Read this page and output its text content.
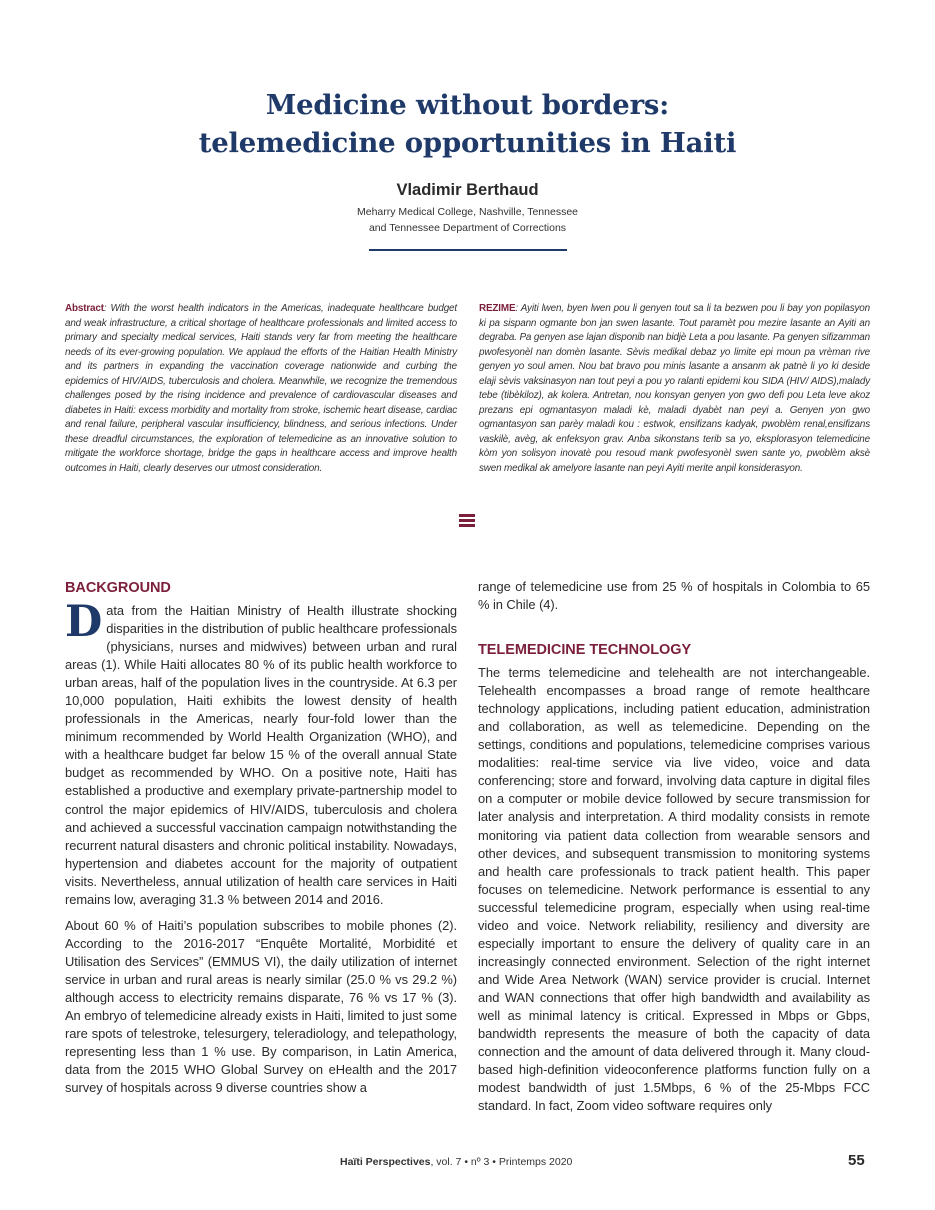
Medicine without borders:
telemedicine opportunities in Haiti
Vladimir Berthaud
Meharry Medical College, Nashville, Tennessee
and Tennessee Department of Corrections
Abstract: With the worst health indicators in the Americas, inadequate healthcare budget and weak infrastructure, a critical shortage of healthcare professionals and limited access to primary and specialty medical services, Haiti stands very far from meeting the healthcare needs of its ever-growing population. We applaud the efforts of the Haitian Health Ministry and its partners in expanding the vaccination coverage nationwide and curbing the epidemics of HIV/AIDS, tuberculosis and cholera. Meanwhile, we recognize the tremendous challenges posed by the rising incidence and prevalence of cardiovascular diseases and diabetes in Haiti: excess morbidity and mortality from stroke, ischemic heart disease, cardiac and renal failure, peripheral vascular insufficiency, blindness, and serious infections. Under these dreadful circumstances, the exploration of telemedicine as an innovative solution to mitigate the workforce shortage, bridge the gaps in healthcare access and improve health outcomes in Haiti, clearly deserves our utmost consideration.
REZIME: Ayiti lwen, byen lwen pou li genyen tout sa li ta bezwen pou li bay yon popilasyon ki pa sispann ogmante bon jan swen lasante. Tout paramèt pou mezire lasante an Ayiti an degraba. Pa genyen ase lajan disponib nan bidjè Leta a pou lasante. Pa genyen sifizamman pwofesyonèl nan domèn lasante. Sèvis medikal debaz yo limite epi moun pa vrèman rive genyen yo soul amen. Nou bat bravo pou minis lasante a ansanm ak patnè li yo ki deside elaji sèvis vaksinasyon nan tout peyi a pou yo ralanti epidemi kou SIDA (HIV/ AIDS),malady tebe (tibèkiloz), ak kolera. Antretan, nou konsyan genyen yon gwo defi pou Leta leve akoz prezans epi ogmantasyon maladi kè, maladi dyabèt nan peyi a. Genyen yon gwo ogmantasyon san parèy maladi kou : estwok, ensifizans kadyak, pwoblèm renal,ensifizans vaskilè, avèg, ak enfeksyon grav. Anba sikonstans terib sa yo, eksplorasyon telemedicine kòm yon solisyon inovatè pou resoud mank pwofesyonèl swen sante yo, pwoblèm aksè swen medikal ak amelyore lasante nan peyi Ayiti merite anpil konsiderasyon.
BACKGROUND

Data from the Haitian Ministry of Health illustrate shocking disparities in the distribution of public healthcare professionals (physicians, nurses and midwives) between urban and rural areas (1). While Haiti allocates 80 % of its public health workforce to urban areas, half of the population lives in the countryside. At 6.3 per 10,000 population, Haiti exhibits the lowest density of health professionals in the Americas, nearly four-fold lower than the minimum recommended by World Health Organization (WHO), and with a healthcare budget far below 15 % of the overall annual State budget as recommended by WHO. On a positive note, Haiti has established a productive and exemplary private-partnership model to control the major epidemics of HIV/AIDS, tuberculosis and cholera and achieved a successful vaccination campaign notwithstanding the recurrent natural disasters and chronic political instability. Nowadays, hypertension and diabetes account for the majority of outpatient visits. Nevertheless, annual utilization of health care services in Haiti remains low, averaging 31.3 % between 2014 and 2016.

About 60 % of Haiti’s population subscribes to mobile phones (2). According to the 2016-2017 “Enquête Mortalité, Morbidité et Utilisation des Services” (EMMUS VI), the daily utilization of internet service in urban and rural areas is nearly similar (25.0 % vs 29.2 %) although access to electricity remains disparate, 76 % vs 17 % (3). An embryo of telemedicine already exists in Haiti, limited to just some rare spots of telestroke, telesurgery, teleradiology, and telepathology, representing less than 1 % use. By comparison, in Latin America, data from the 2015 WHO Global Survey on eHealth and the 2017 survey of hospitals across 9 diverse countries show a

range of telemedicine use from 25 % of hospitals in Colombia to 65 % in Chile (4).

TELEMEDICINE TECHNOLOGY

The terms telemedicine and telehealth are not interchangeable. Telehealth encompasses a broad range of remote healthcare technology applications, including patient education, administration and collaboration, as well as telemedicine. Depending on the settings, conditions and populations, telemedicine comprises various modalities: real-time service via live video, voice and data conferencing; store and forward, involving data capture in digital files on a computer or mobile device followed by secure transmission for later analysis and interpretation. A third modality consists in remote monitoring via patient data collection from wearable sensors and other devices, and subsequent transmission to monitoring systems and health care professionals to track patient health. This paper focuses on telemedicine. Network performance is essential to any successful telemedicine program, especially when using real-time video and voice. Network reliability, resiliency and diversity are especially important to ensure the delivery of quality care in an increasingly connected environment. Selection of the right internet and Wide Area Network (WAN) service provider is crucial. Internet and WAN connections that offer high bandwidth and availability as well as minimal latency is critical. Expressed in Mbps or Gbps, bandwidth represents the measure of both the capacity of data connection and the amount of data delivered through it. Many cloud-based high-definition videoconference platforms function fully on a modest bandwidth of just 1.5Mbps, 6 % of the 25-Mbps FCC standard. In fact, Zoom video software requires only

Haïti Perspectives, vol. 7 • nº 3 • Printemps 2020	55
